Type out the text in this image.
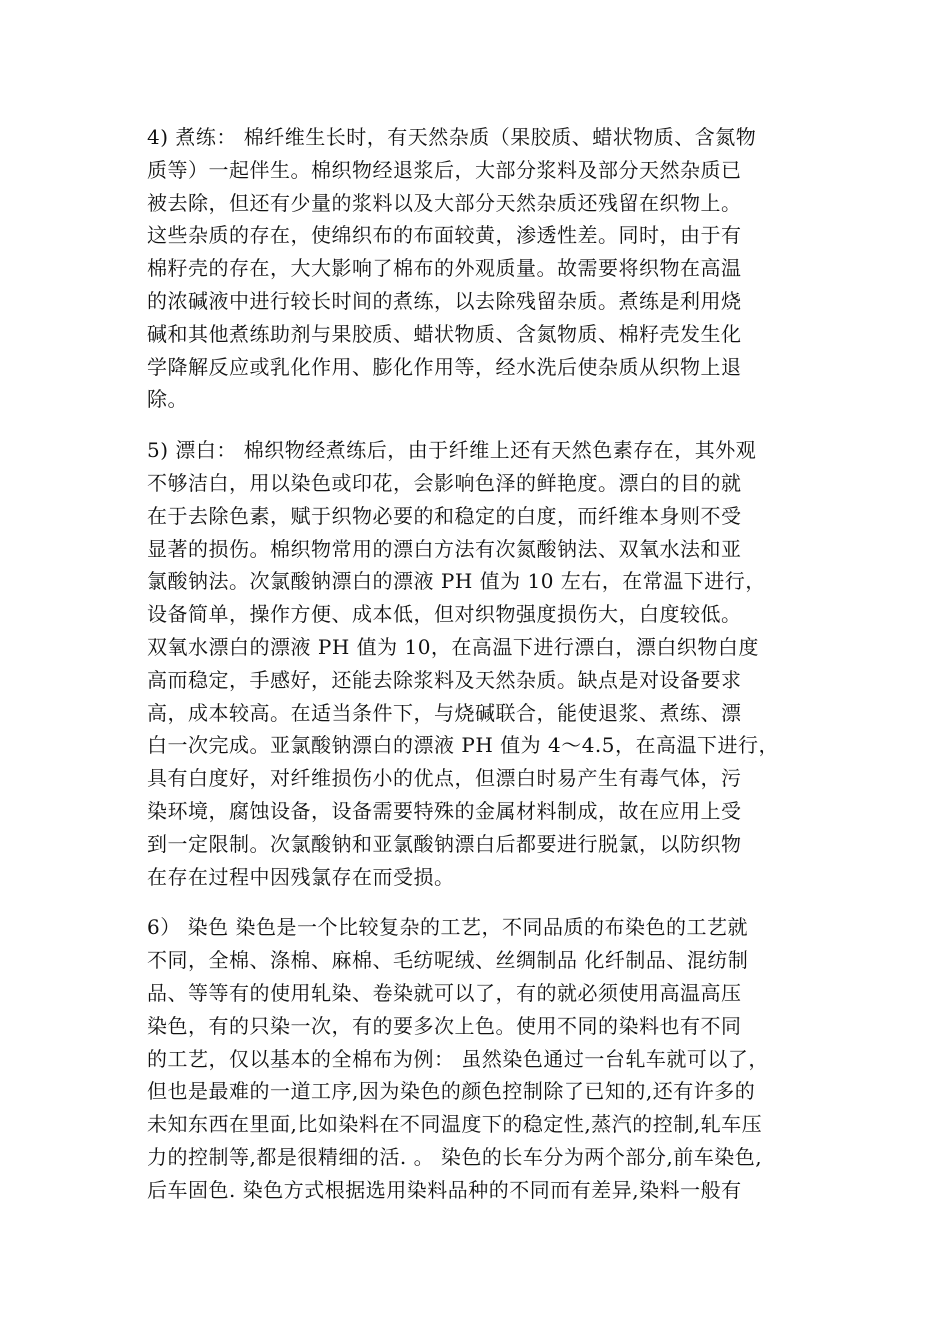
4) 煮练： 棉纤维生长时，有天然杂质（果胶质、蜡状物质、含氮物
质等）一起伴生。棉织物经退浆后，大部分浆料及部分天然杂质已
被去除，但还有少量的浆料以及大部分天然杂质还残留在织物上。
这些杂质的存在，使绵织布的布面较黄，渗透性差。同时，由于有
棉籽壳的存在，大大影响了棉布的外观质量。故需要将织物在高温
的浓碱液中进行较长时间的煮练，以去除残留杂质。煮练是利用烧
碱和其他煮练助剂与果胶质、蜡状物质、含氮物质、棉籽壳发生化
学降解反应或乳化作用、膨化作用等，经水洗后使杂质从织物上退
除。
5) 漂白： 棉织物经煮练后，由于纤维上还有天然色素存在，其外观
不够洁白，用以染色或印花，会影响色泽的鲜艳度。漂白的目的就
在于去除色素，赋于织物必要的和稳定的白度，而纤维本身则不受
显著的损伤。棉织物常用的漂白方法有次氮酸钠法、双氧水法和亚
氯酸钠法。次氯酸钠漂白的漂液 PH 值为 10 左右，在常温下进行，
设备简单，操作方便、成本低，但对织物强度损伤大，白度较低。
双氧水漂白的漂液 PH 值为 10，在高温下进行漂白，漂白织物白度
高而稳定，手感好，还能去除浆料及天然杂质。缺点是对设备要求
高，成本较高。在适当条件下，与烧碱联合，能使退浆、煮练、漂
白一次完成。亚氯酸钠漂白的漂液 PH 值为 4～4.5，在高温下进行，
具有白度好，对纤维损伤小的优点，但漂白时易产生有毒气体，污
染环境，腐蚀设备，设备需要特殊的金属材料制成，故在应用上受
到一定限制。次氯酸钠和亚氯酸钠漂白后都要进行脱氯，以防织物
在存在过程中因残氯存在而受损。
6） 染色 染色是一个比较复杂的工艺，不同品质的布染色的工艺就
不同，全棉、涤棉、麻棉、毛纺呢绒、丝绸制品 化纤制品、混纺制
品、等等有的使用轧染、卷染就可以了，有的就必须使用高温高压
染色，有的只染一次，有的要多次上色。使用不同的染料也有不同
的工艺，仅以基本的全棉布为例： 虽然染色通过一台轧车就可以了，
但也是最难的一道工序,因为染色的颜色控制除了已知的,还有许多的
未知东西在里面,比如染料在不同温度下的稳定性,蒸汽的控制,轧车压
力的控制等,都是很精细的活. 。 染色的长车分为两个部分,前车染色,
后车固色. 染色方式根据选用染料品种的不同而有差异,染料一般有
